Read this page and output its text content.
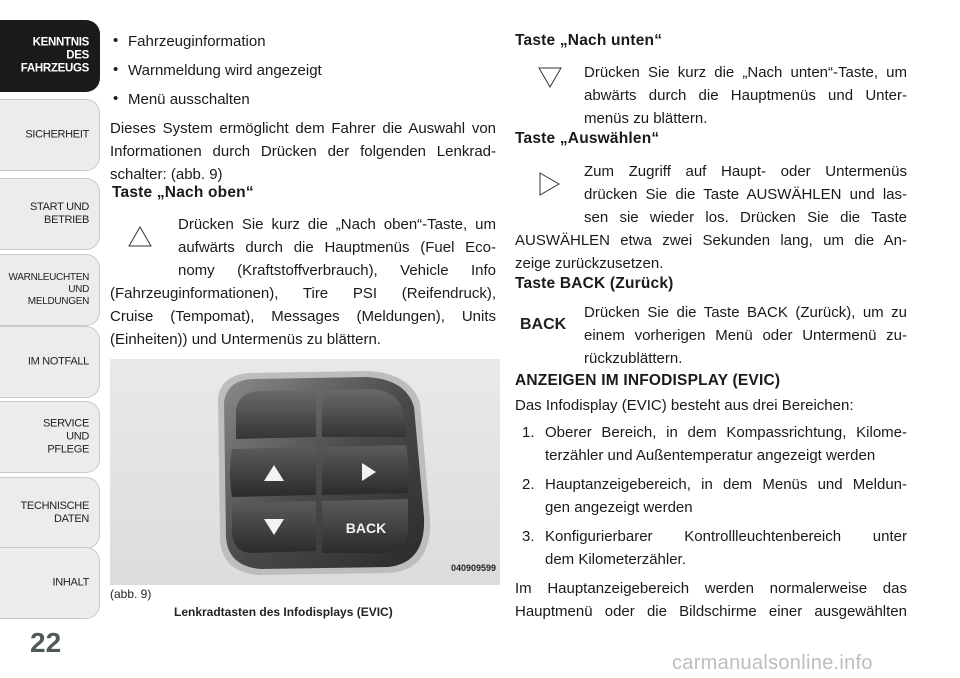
KENNTNIS
DES
FAHRZEUGS
SICHERHEIT
START UND
BETRIEB
WARNLEUCHTEN
UND
MELDUNGEN
IM NOTFALL
SERVICE
UND
PFLEGE
TECHNISCHE
DATEN
INHALT
22
• Fahrzeuginformation
• Warnmeldung wird angezeigt
• Menü ausschalten
Dieses System ermöglicht dem Fahrer die Auswahl von
Informationen durch Drücken der folgenden Lenkrad-
schalter: (abb. 9)
Taste „Nach oben“
Drücken Sie kurz die „Nach oben“-Taste, um
aufwärts durch die Hauptmenüs (Fuel Eco-
nomy (Kraftstoffverbrauch), Vehicle Info
(Fahrzeuginformationen), Tire PSI (Reifendruck),
Cruise (Tempomat), Messages (Meldungen), Units
(Einheiten)) und Untermenüs zu blättern.
BACK
040909599
(abb. 9)
Lenkradtasten des Infodisplays (EVIC)
Taste „Nach unten“
Drücken Sie kurz die „Nach unten“-Taste, um
abwärts durch die Hauptmenüs und Unter-
menüs zu blättern.
Taste „Auswählen“
Zum Zugriff auf Haupt- oder Untermenüs
drücken Sie die Taste AUSWÄHLEN und las-
sen sie wieder los. Drücken Sie die Taste
AUSWÄHLEN etwa zwei Sekunden lang, um die An-
zeige zurückzusetzen.
Taste BACK (Zurück)
BACK
Drücken Sie die Taste BACK (Zurück), um zu
einem vorherigen Menü oder Untermenü zu-
rückzublättern.
ANZEIGEN IM INFODISPLAY (EVIC)
Das Infodisplay (EVIC) besteht aus drei Bereichen:
1. Oberer Bereich, in dem Kompassrichtung, Kilome-
terzähler und Außentemperatur angezeigt werden
2. Hauptanzeigebereich, in dem Menüs und Meldun-
gen angezeigt werden
3. Konfigurierbarer Kontrollleuchtenbereich unter
dem Kilometerzähler.
Im Hauptanzeigebereich werden normalerweise das
Hauptmenü oder die Bildschirme einer ausgewählten
carmanualsonline.info
